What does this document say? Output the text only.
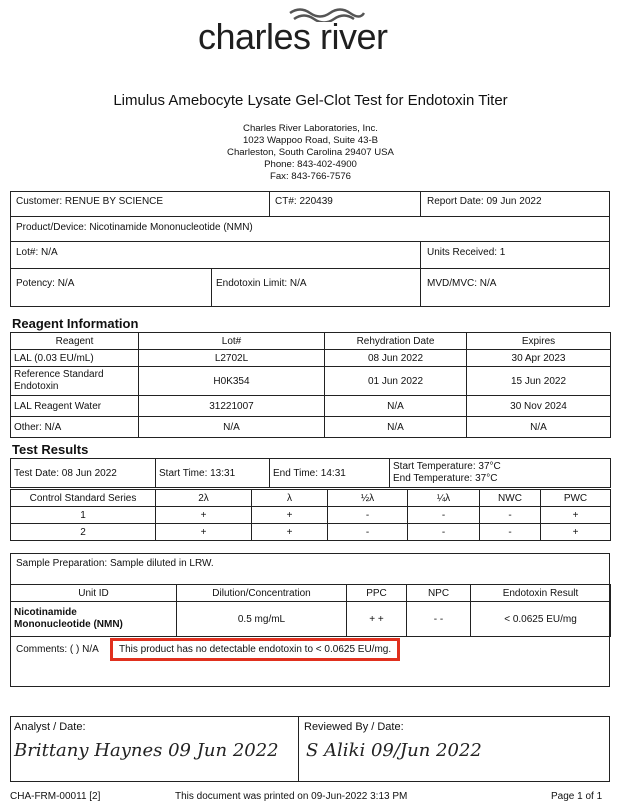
charles river
Limulus Amebocyte Lysate Gel-Clot Test for Endotoxin Titer
Charles River Laboratories, Inc.
1023 Wappoo Road, Suite 43-B
Charleston, South Carolina 29407 USA
Phone: 843-402-4900
Fax: 843-766-7576
Customer: RENUE BY SCIENCE	CT#: 220439	Report Date: 09 Jun 2022
Product/Device: Nicotinamide Mononucleotide (NMN)
Lot#: N/A	Units Received: 1
Potency: N/A	Endotoxin Limit: N/A	MVD/MVC: N/A
Reagent Information
Reagent	Lot#	Rehydration Date	Expires
LAL (0.03 EU/mL)	L2702L	08 Jun 2022	30 Apr 2023
Reference Standard Endotoxin	H0K354	01 Jun 2022	15 Jun 2022
LAL Reagent Water	31221007	N/A	30 Nov 2024
Other: N/A	N/A	N/A	N/A
Test Results
Test Date: 08 Jun 2022	Start Time: 13:31	End Time: 14:31	
Start Temperature: 37°C
End Temperature: 37°C
Control Standard Series	2λ	λ	½λ	¼λ	NWC	PWC
1	+	+	-	-	-	+
2	+	+	-	-	-	+
Sample Preparation: Sample diluted in LRW.
Unit ID	Dilution/Concentration	PPC	NPC	Endotoxin Result

Nicotinamide
Mononucleotide (NMN)	0.5 mg/mL	+ +	- -	< 0.0625 EU/mg
Comments: ( ) N/A	This product has no detectable endotoxin to < 0.0625 EU/mg.
Analyst / Date:
Brittany Haynes 09 Jun 2022
Reviewed By / Date:
S Aliki 09/Jun 2022
CHA-FRM-00011 [2]	This document was printed on 09-Jun-2022 3:13 PM	Page 1 of 1
